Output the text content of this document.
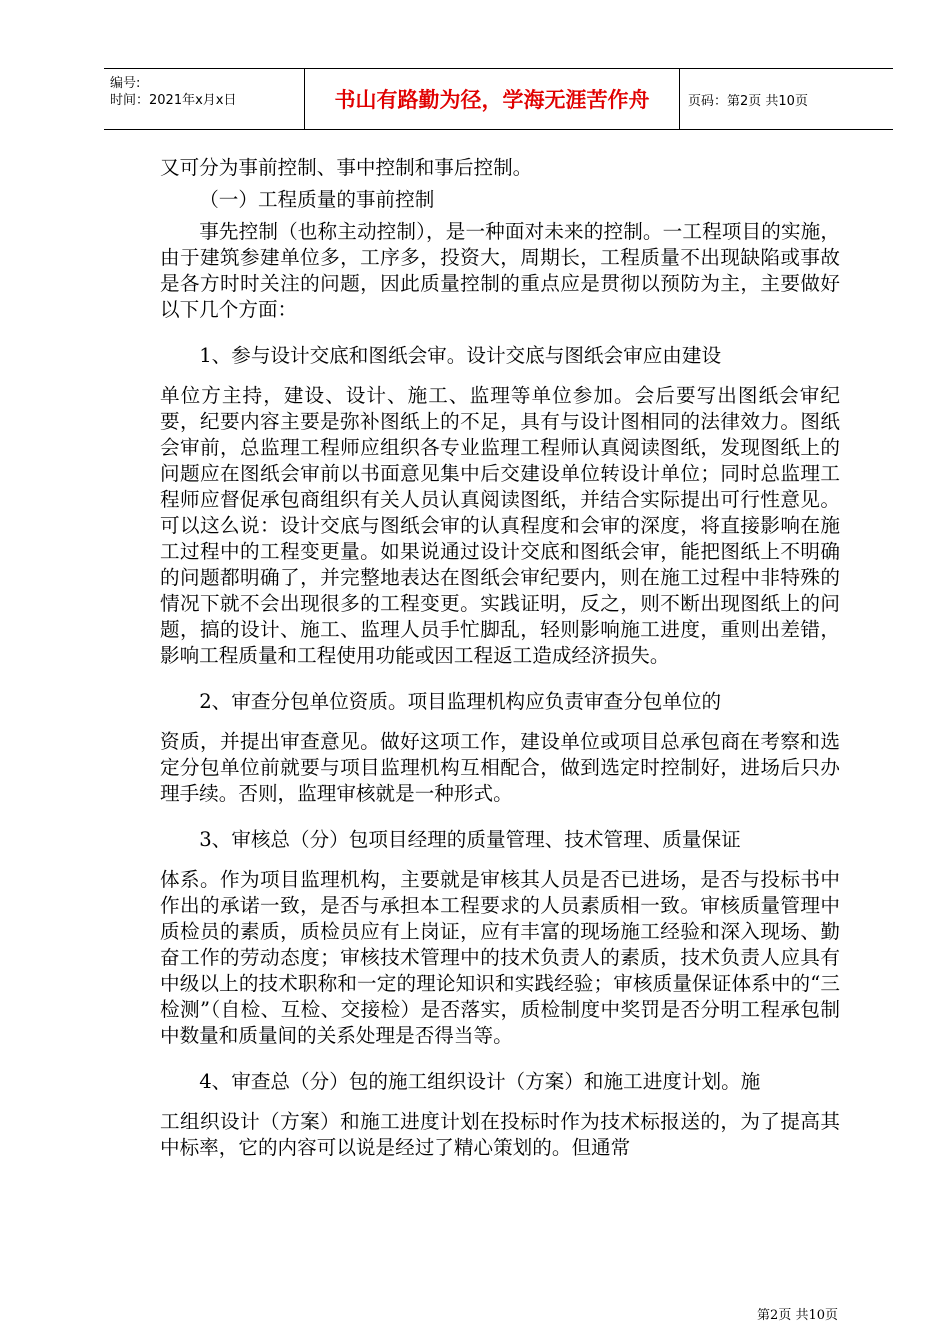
编号:
时间：2021年x月x日	书山有路勤为径，学海无涯苦作舟	页码：第2页 共10页

又可分为事前控制、事中控制和事后控制。

（一）工程质量的事前控制

事先控制（也称主动控制），是一种面对未来的控制。一工程项目的实施，由于建筑参建单位多，工序多，投资大，周期长，工程质量不出现缺陷或事故是各方时时关注的问题，因此质量控制的重点应是贯彻以预防为主，主要做好以下几个方面：

1、参与设计交底和图纸会审。设计交底与图纸会审应由建设

单位方主持，建设、设计、施工、监理等单位参加。会后要写出图纸会审纪要，纪要内容主要是弥补图纸上的不足，具有与设计图相同的法律效力。图纸会审前，总监理工程师应组织各专业监理工程师认真阅读图纸，发现图纸上的问题应在图纸会审前以书面意见集中后交建设单位转设计单位；同时总监理工程师应督促承包商组织有关人员认真阅读图纸，并结合实际提出可行性意见。可以这么说：设计交底与图纸会审的认真程度和会审的深度，将直接影响在施工过程中的工程变更量。如果说通过设计交底和图纸会审，能把图纸上不明确的问题都明确了，并完整地表达在图纸会审纪要内，则在施工过程中非特殊的情况下就不会出现很多的工程变更。实践证明，反之，则不断出现图纸上的问题，搞的设计、施工、监理人员手忙脚乱，轻则影响施工进度，重则出差错，影响工程质量和工程使用功能或因工程返工造成经济损失。

2、审查分包单位资质。项目监理机构应负责审查分包单位的

资质，并提出审查意见。做好这项工作，建设单位或项目总承包商在考察和选定分包单位前就要与项目监理机构互相配合，做到选定时控制好，进场后只办理手续。否则，监理审核就是一种形式。

3、审核总（分）包项目经理的质量管理、技术管理、质量保证

体系。作为项目监理机构，主要就是审核其人员是否已进场，是否与投标书中作出的承诺一致，是否与承担本工程要求的人员素质相一致。审核质量管理中质检员的素质，质检员应有上岗证，应有丰富的现场施工经验和深入现场、勤奋工作的劳动态度；审核技术管理中的技术负责人的素质，技术负责人应具有中级以上的技术职称和一定的理论知识和实践经验；审核质量保证体系中的“三检测”（自检、互检、交接检）是否落实，质检制度中奖罚是否分明工程承包制中数量和质量间的关系处理是否得当等。

4、审查总（分）包的施工组织设计（方案）和施工进度计划。施

工组织设计（方案）和施工进度计划在投标时作为技术标报送的，为了提高其中标率，它的内容可以说是经过了精心策划的。但通常

第2页 共10页
